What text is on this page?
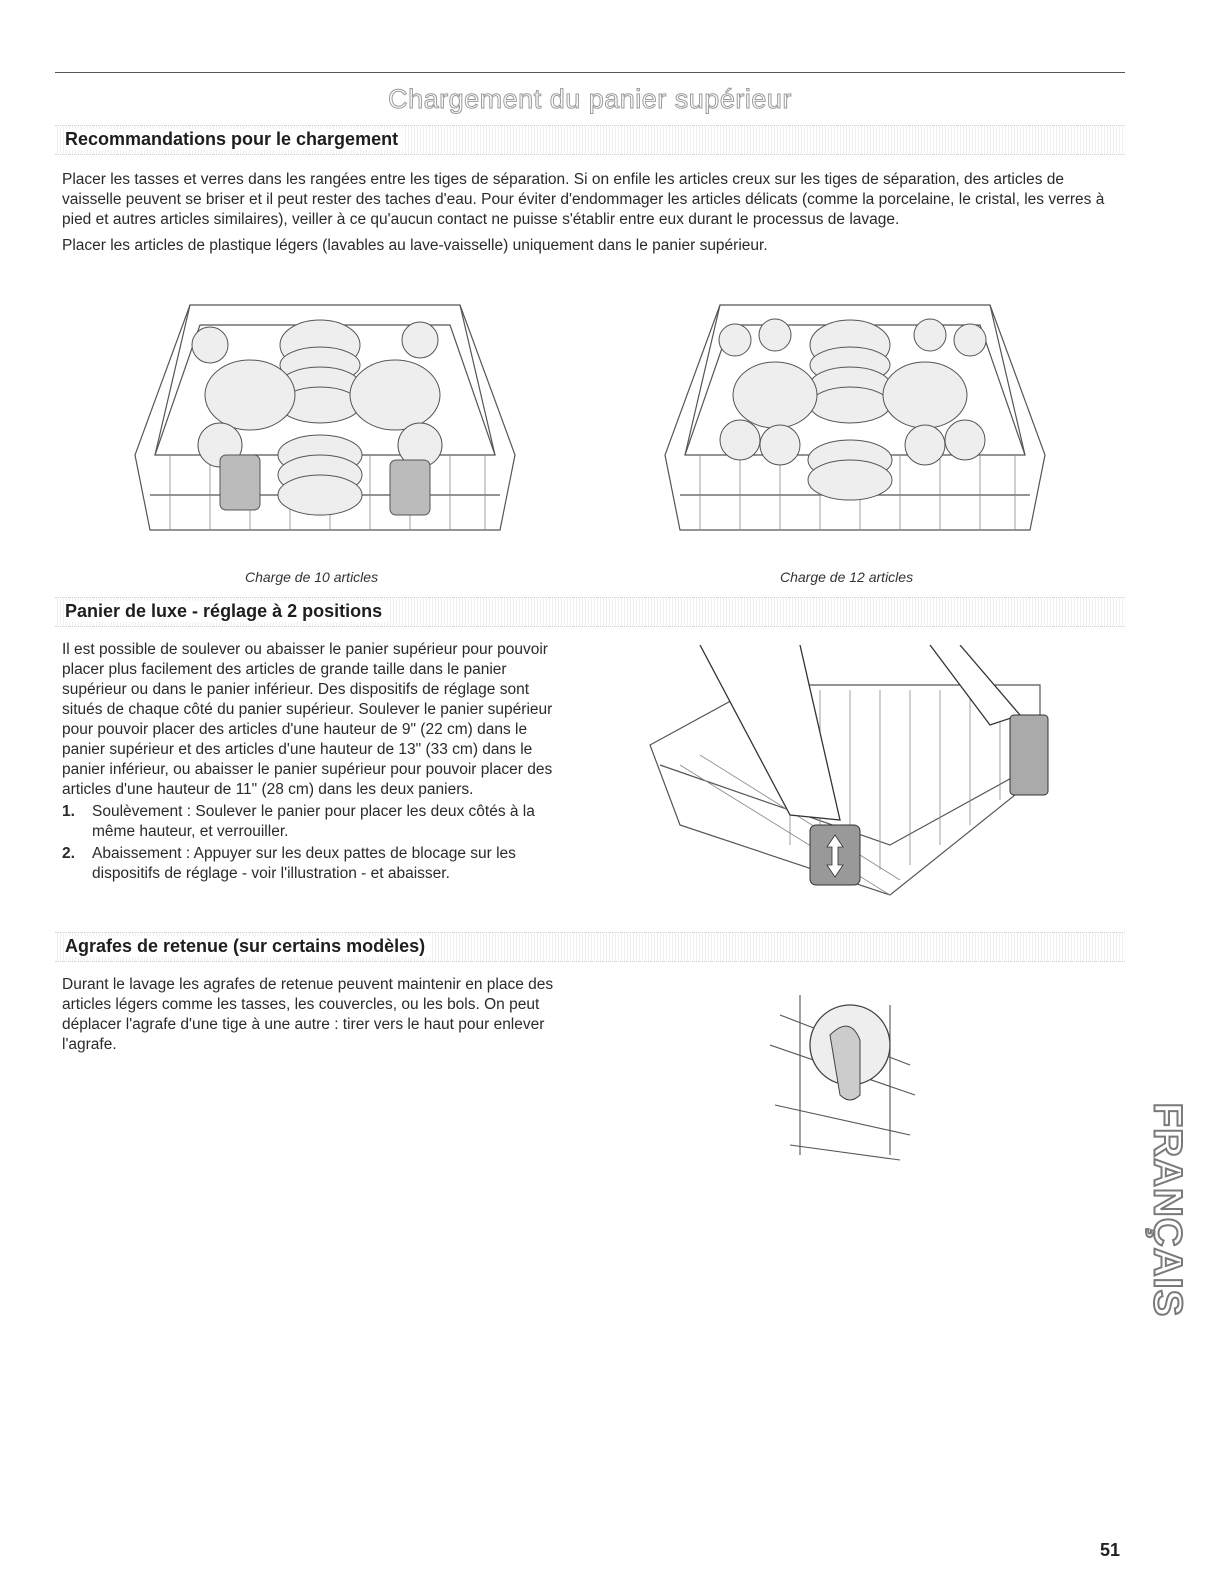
Chargement du panier supérieur
Recommandations pour le chargement

Placer les tasses et verres dans les rangées entre les tiges de séparation. Si on enfile les articles creux sur les tiges de séparation, des articles de vaisselle peuvent se briser et il peut rester des taches d'eau. Pour éviter d'endommager les articles délicats (comme la porcelaine, le cristal, les verres à pied et autres articles similaires), veiller à ce qu'aucun contact ne puisse s'établir entre eux durant le processus de lavage.

Placer les articles de plastique légers (lavables au lave-vaisselle) uniquement dans le panier supérieur.

Charge de 10 articles	Charge de 12 articles
Panier de luxe - réglage à 2 positions

Il est possible de soulever ou abaisser le panier supérieur pour pouvoir placer plus facilement des articles de grande taille dans le panier supérieur ou dans le panier inférieur. Des dispositifs de réglage sont situés de chaque côté du panier supérieur. Soulever le panier supérieur pour pouvoir placer des articles d'une hauteur de 9" (22 cm) dans le panier supérieur et des articles d'une hauteur de 13" (33 cm) dans le panier inférieur, ou abaisser le panier supérieur pour pouvoir placer des articles d'une hauteur de 11" (28 cm) dans les deux paniers.

1. Soulèvement : Soulever le panier pour placer les deux côtés à la même hauteur, et verrouiller.
2. Abaissement : Appuyer sur les deux pattes de blocage sur les dispositifs de réglage - voir l'illustration - et abaisser.
Agrafes de retenue (sur certains modèles)

Durant le lavage les agrafes de retenue peuvent maintenir en place des articles légers comme les tasses, les couvercles, ou les bols. On peut déplacer l'agrafe d'une tige à une autre : tirer vers le haut pour enlever l'agrafe.

FRANÇAIS
51
